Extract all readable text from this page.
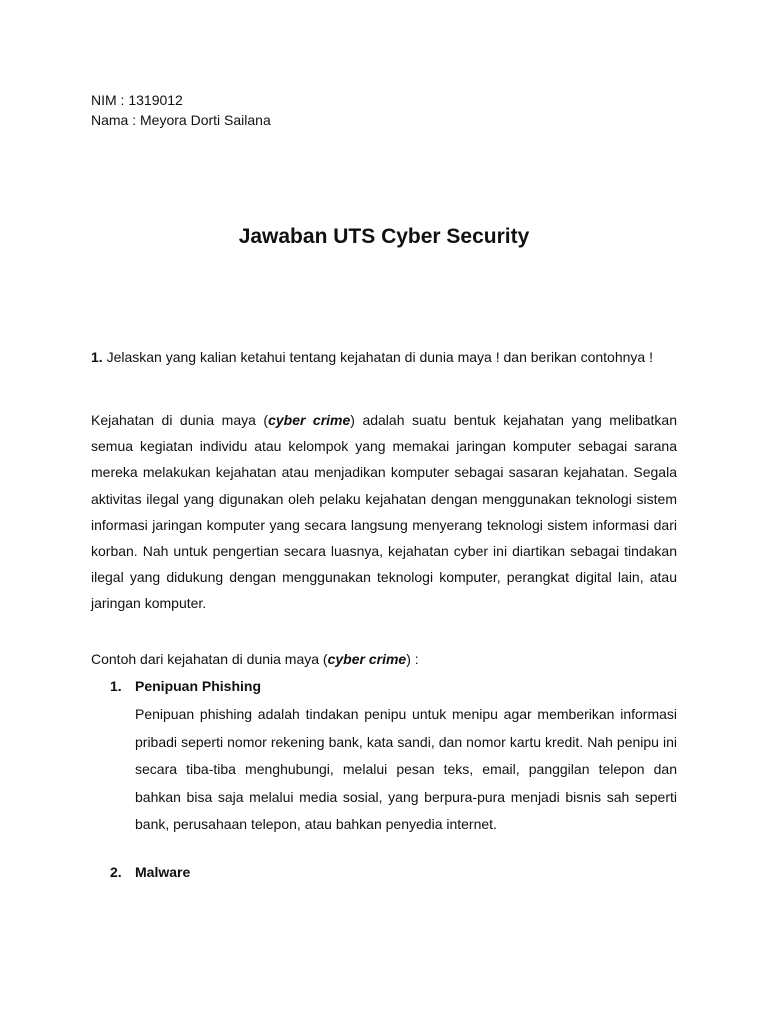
NIM : 1319012
Nama : Meyora Dorti Sailana
Jawaban UTS Cyber Security

1. Jelaskan yang kalian ketahui tentang kejahatan di dunia maya ! dan berikan contohnya !

Kejahatan di dunia maya (cyber crime) adalah suatu bentuk kejahatan yang melibatkan semua kegiatan individu atau kelompok yang memakai jaringan komputer sebagai sarana mereka melakukan kejahatan atau menjadikan komputer sebagai sasaran kejahatan. Segala aktivitas ilegal yang digunakan oleh pelaku kejahatan dengan menggunakan teknologi sistem informasi jaringan komputer yang secara langsung menyerang teknologi sistem informasi dari korban. Nah untuk pengertian secara luasnya, kejahatan cyber ini diartikan sebagai tindakan ilegal yang didukung dengan menggunakan teknologi komputer, perangkat digital lain, atau jaringan komputer.

Contoh dari kejahatan di dunia maya (cyber crime) :

1. Penipuan Phishing

Penipuan phishing adalah tindakan penipu untuk menipu agar memberikan informasi pribadi seperti nomor rekening bank, kata sandi, dan nomor kartu kredit. Nah penipu ini secara tiba-tiba menghubungi, melalui pesan teks, email, panggilan telepon dan bahkan bisa saja melalui media sosial, yang berpura-pura menjadi bisnis sah seperti bank, perusahaan telepon, atau bahkan penyedia internet.

2. Malware
